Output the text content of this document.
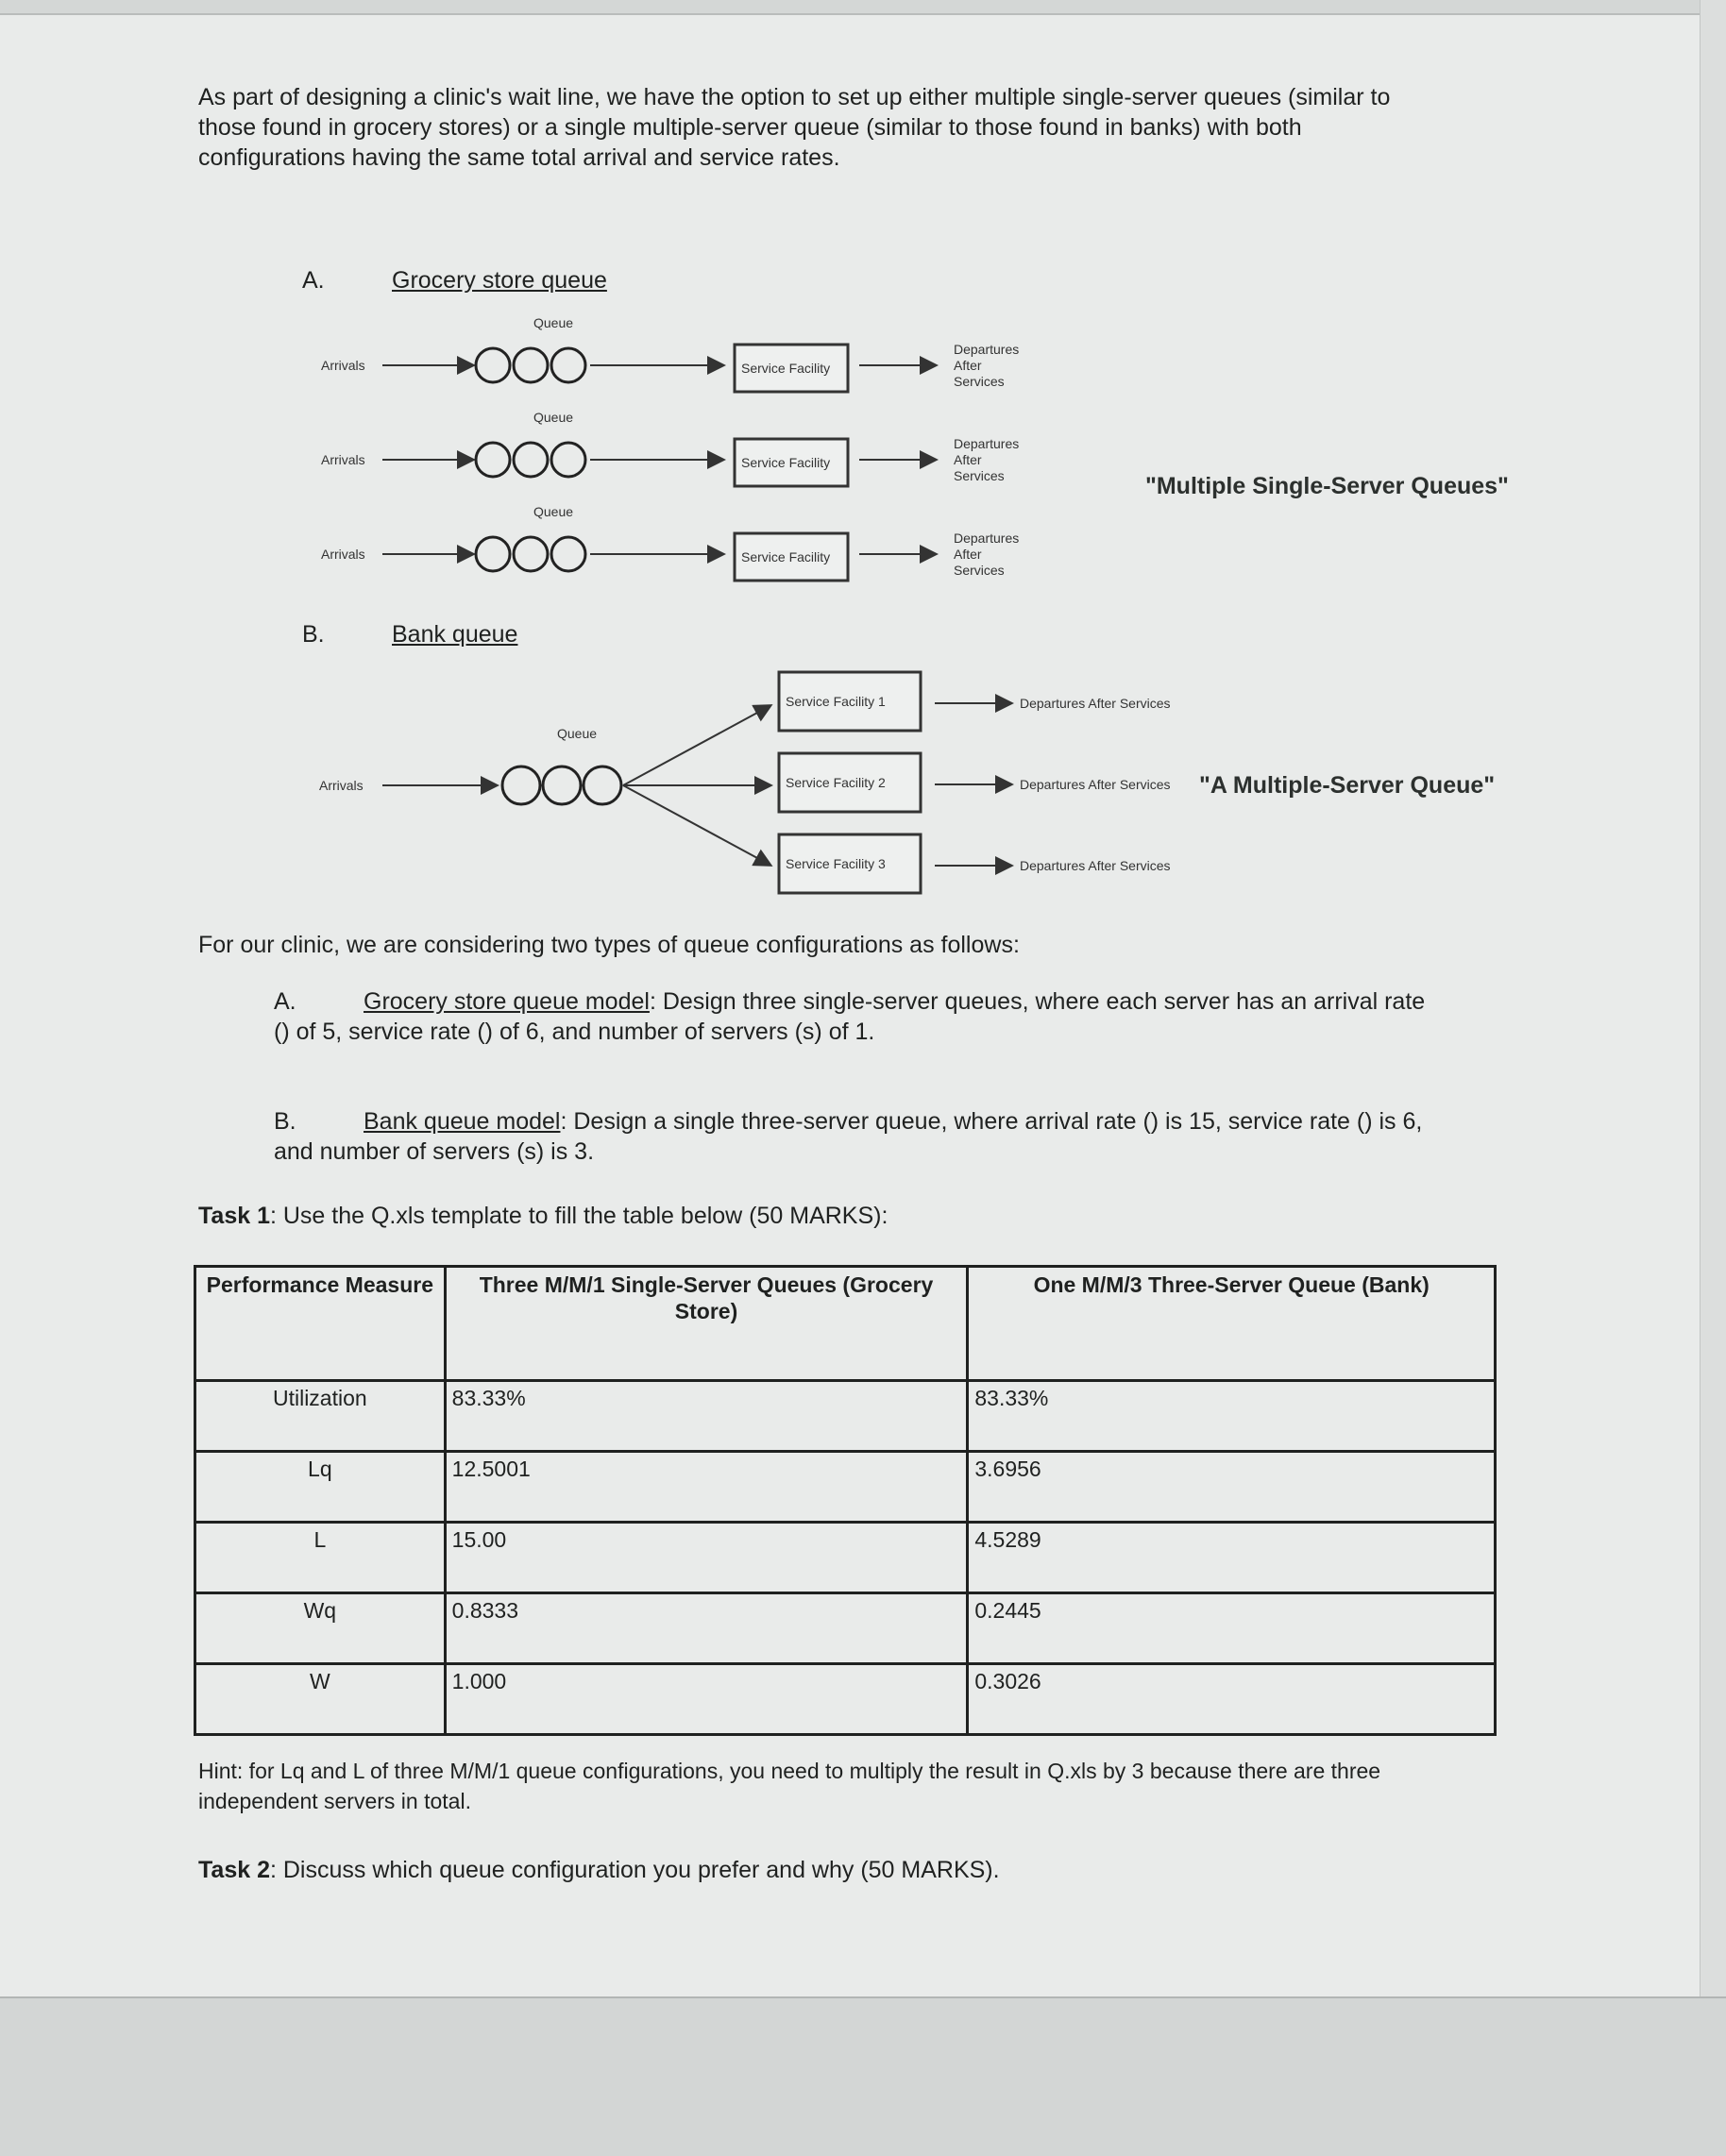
As part of designing a clinic's wait line, we have the option to set up either multiple single-server queues (similar to those found in grocery stores) or a single multiple-server queue (similar to those found in banks) with both configurations having the same total arrival and service rates.
A.	Grocery store queue
Arrivals
Queue
Service Facility
Departures
After
Services
Arrivals
Queue
Service Facility
Departures
After
Services
Arrivals
Queue
Service Facility
Departures
After
Services
"Multiple Single-Server Queues"
B.	Bank queue
Arrivals
Queue
Service Facility 1
Service Facility 2
Service Facility 3
Departures After Services
Departures After Services
Departures After Services
"A Multiple-Server Queue"
For our clinic, we are considering two types of queue configurations as follows:
A.	Grocery store queue model: Design three single-server queues, where each server has an arrival rate () of 5, service rate () of 6, and number of servers (s) of 1.
B.	Bank queue model: Design a single three-server queue, where arrival rate () is 15, service rate () is 6, and number of servers (s) is 3.
Task 1: Use the Q.xls template to fill the table below (50 MARKS):
Performance Measure	Three M/M/1 Single-Server Queues (Grocery Store)	One M/M/3 Three-Server Queue (Bank)
Utilization	83.33%	83.33%
Lq	12.5001	3.6956
L	15.00	4.5289
Wq	0.8333	0.2445
W	1.000	0.3026
Hint: for Lq and L of three M/M/1 queue configurations, you need to multiply the result in Q.xls by 3 because there are three independent servers in total.
Task 2: Discuss which queue configuration you prefer and why (50 MARKS).
